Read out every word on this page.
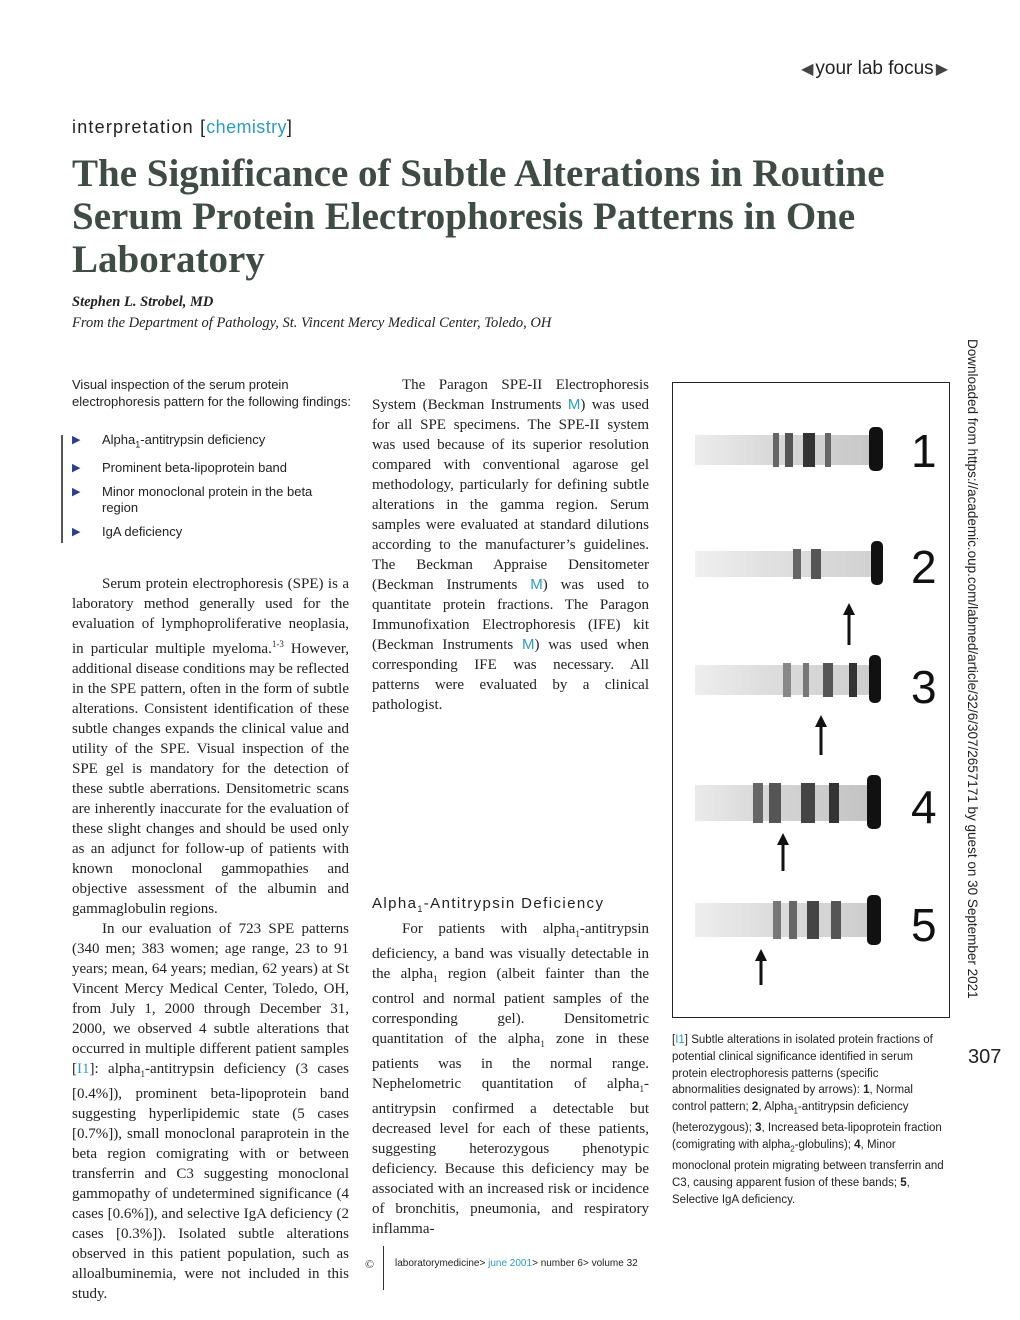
◀ your lab focus ▶
interpretation [chemistry]
The Significance of Subtle Alterations in Routine Serum Protein Electrophoresis Patterns in One Laboratory
Stephen L. Strobel, MD
From the Department of Pathology, St. Vincent Mercy Medical Center, Toledo, OH
Visual inspection of the serum protein electrophoresis pattern for the following findings:
▶ Alpha$_1$-antitrypsin deficiency
▶ Prominent beta-lipoprotein band
▶ Minor monoclonal protein in the beta region
▶ IgA deficiency

Serum protein electrophoresis (SPE) is a laboratory method generally used for the evaluation of lymphoproliferative neoplasia, in particular multiple myeloma.$^{1-3}$ However, additional disease conditions may be reflected in the SPE pattern, often in the form of subtle alterations. Consistent identification of these subtle changes expands the clinical value and utility of the SPE. Visual inspection of the SPE gel is mandatory for the detection of these subtle aberrations. Densitometric scans are inherently inaccurate for the evaluation of these slight changes and should be used only as an adjunct for follow-up of patients with known monoclonal gammopathies and objective assessment of the albumin and gammaglobulin regions.

In our evaluation of 723 SPE patterns (340 men; 383 women; age range, 23 to 91 years; mean, 64 years; median, 62 years) at St Vincent Mercy Medical Center, Toledo, OH, from July 1, 2000 through December 31, 2000, we observed 4 subtle alterations that occurred in multiple different patient samples [I1]: alpha$_1$-antitrypsin deficiency (3 cases [0.4%]), prominent beta-lipoprotein band suggesting hyperlipidemic state (5 cases [0.7%]), small monoclonal paraprotein in the beta region comigrating with or between transferrin and C3 suggesting monoclonal gammopathy of undetermined significance (4 cases [0.6%]), and selective IgA deficiency (2 cases [0.3%]). Isolated subtle alterations observed in this patient population, such as alloalbuminemia, were not included in this study.

The Paragon SPE-II Electrophoresis System (Beckman Instruments M) was used for all SPE specimens. The SPE-II system was used because of its superior resolution compared with conventional agarose gel methodology, particularly for defining subtle alterations in the gamma region. Serum samples were evaluated at standard dilutions according to the manufacturer’s guidelines. The Beckman Appraise Densitometer (Beckman Instruments M) was used to quantitate protein fractions. The Paragon Immunofixation Electrophoresis (IFE) kit (Beckman Instruments M) was used when corresponding IFE was necessary. All patterns were evaluated by a clinical pathologist.

Alpha$_1$-Antitrypsin Deficiency

For patients with alpha$_1$-antitrypsin deficiency, a band was visually detectable in the alpha$_1$ region (albeit fainter than the control and normal patient samples of the corresponding gel). Densitometric quantitation of the alpha$_1$ zone in these patients was in the normal range. Nephelometric quantitation of alpha$_1$-antitrypsin confirmed a detectable but decreased level for each of these patients, suggesting heterozygous phenotypic deficiency. Because this deficiency may be associated with an increased risk or incidence of bronchitis, pneumonia, and respiratory inflamma-

1
2
3
4
5
[I1] Subtle alterations in isolated protein fractions of potential clinical significance identified in serum protein electrophoresis patterns (specific abnormalities designated by arrows): 1, Normal control pattern; 2, Alpha$_1$-antitrypsin deficiency (heterozygous); 3, Increased beta-lipoprotein fraction (comigrating with alpha$_2$-globulins); 4, Minor monoclonal protein migrating between transferrin and C3, causing apparent fusion of these bands; 5, Selective IgA deficiency.
307
Downloaded from https://academic.oup.com/labmed/article/32/6/307/2657171 by guest on 30 September 2021
© laboratorymedicine> june 2001> number 6> volume 32
